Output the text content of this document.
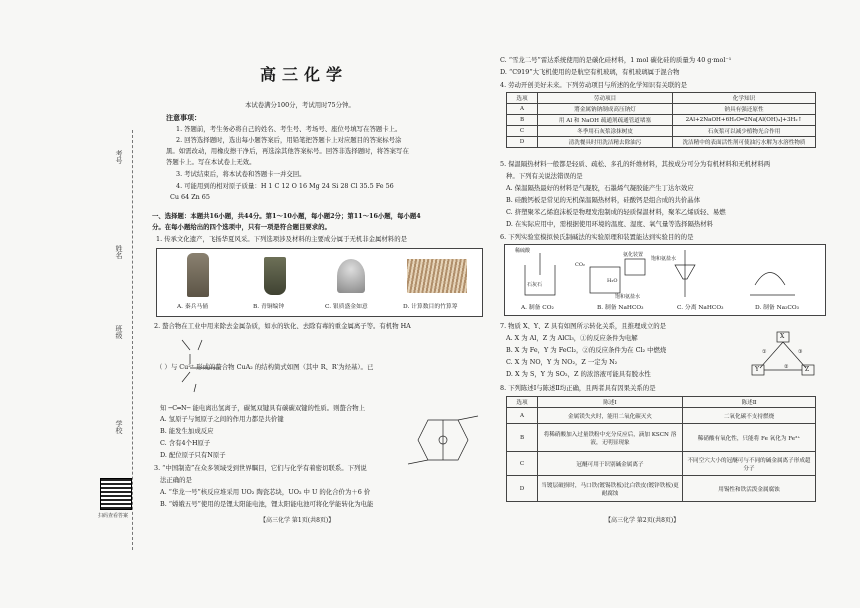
考号
姓名
班级
学校
扫码查看答案
高三化学
本试卷满分100分，考试用时75分钟。
注意事项：
1. 答题前，考生务必将自己的姓名、考生号、考场号、座位号填写在答题卡上。
2. 回答选择题时，选出每小题答案后，用铅笔把答题卡上对应题目的答案标号涂
黑。如需改动，用橡皮擦干净后，再选涂其他答案标号。回答非选择题时，将答案写在
答题卡上。写在本试卷上无效。
3. 考试结束后，将本试卷和答题卡一并交回。
4. 可能用到的相对原子质量：H 1 C 12 O 16 Mg 24 Si 28 Cl 35.5 Fe 56
Cu 64 Zn 65
一、选择题：本题共16小题，共44分。第1～10小题，每小题2分；第11～16小题，每小题4
分。在每小题给出的四个选项中，只有一项是符合题目要求的。
1. 传承文化遗产，飞扬华夏风采。下列选项涉及材料的主要成分属于无机非金属材料的是
A. 秦兵马俑	B. 青铜编钟	C. 银质盛金如意	D. 计算数目的竹算筹
2. 螯合物在工业中用来除去金属杂质，如水的软化、去除有毒的重金属离子等。有机物 HA
（ ）与 Cu²⁺ 形成的螯合物 CuA₂ 的结构简式如图（其中 R、R′为烃基）。已
知 ─C═N─ 能电离出氢离子，碳氮双键具有碳碳双键的性质。则螯合物上
A. 氢原子与氮原子之间的作用力都是共价键
B. 能发生加成反应
C. 含有4个H原子
D. 配位原子只有N原子
3. “中国制造”在众多领域受到世界瞩目，它们与化学有着密切联系。下列说
法正确的是
A. “华龙一号”核反应堆采用 UO₂ 陶瓷芯块，UO₂ 中 U 的化合价为＋6 价
B. “嫦娥五号”使用的是锂太阳能电池，锂太阳能电池可将化学能转化为电能
【高三化学 第1页(共8页)】
C. “雪龙二号”雷达系统使用的是碳化硅材料，1 mol 碳化硅的质量为 40 g·mol⁻¹
D. “C919”大飞机使用的是航空有机玻璃，有机玻璃属于混合物
4. 劳动开创美好未来。下列劳动项目与所述的化学知识有关联的是
选项	劳动项目	化学知识
A	將金属钠钠制成高压钠灯	钠具有强还原性
B	用 Al 和 NaOH 疏通剂疏通管道堵塞	2Al+2NaOH+6H₂O═2Na[Al(OH)₄]+3H₂↑
C	冬季用石灰浆涂抹树皮	石灰浆可以减少植物光合作用
D	清洗餐具时用洗洁精去除油污	洗洁精中的表面活性剂可使油污水解为水溶性物质
5. 保温隔热材料一般都是轻质、疏松、多孔的纤维材料，其按成分可分为有机材料和无机材料两
种。下列有关说法错误的是
A. 保温隔热最好的材料是气凝胶，石墨烯气凝胶能产生丁达尔效应
B. 硅酸钙板是常见的无机保温隔热材料，硅酸钙是组合成的共价晶体
C. 挤塑聚苯乙烯泡沫板是物理发泡制成的轻质保温材料，聚苯乙烯质轻、易燃
D. 在实际应用中，需根据使用环境的温度、湿度、氧气量等选择隔热材料
6. 下列实验室模拟侯氏制碱法的实验原理和装置能达到实验目的的是
稀硫酸
石灰石
CO₂
氨化装置
饱和氨盐水
H₂O
饱和氨盐水
A. 制备 CO₂	B. 制备 NaHCO₃	C. 分离 NaHCO₃	D. 制备 Na₂CO₃
7. 物质 X、Y、Z 具有如图所示转化关系，且推理成立的是
A. X 为 Al，Z 为 AlCl₃，①的反应条件为电解
B. X 为 Fe，Y 为 FeCl₂，②的反应条件为在 Cl₂ 中燃烧
C. X 为 NO，Y 为 NO₂，Z 一定为 N₂
D. X 为 S，Y 为 SO₂，Z 的浓溶液可能具有脱水性
X
Y	Z
①
②
③
8. 下列陈述Ⅰ与陈述Ⅱ均正确，且两者具有因果关系的是
选项	陈述Ⅰ	陈述Ⅱ
A	金属镁失火时，能用二氧化碳灭火	二氧化碳不支持燃烧
B	将稀硝酸加入过量铁粉中充分反应后，滴加 KSCN 溶液，无明显现象	稀硝酸有氧化性，只能将 Fe 氧化为 Fe²⁺
C	冠醚可用于识别碱金属离子	不同空穴大小的冠醚可与不同的碱金属离子形成超分子
D	当镀层破损时，马口铁(镀锡铁板)比白铁皮(镀锌铁板)更耐腐蚀	用锡性和铁活泼金属腐蚀
【高三化学 第2页(共8页)】
